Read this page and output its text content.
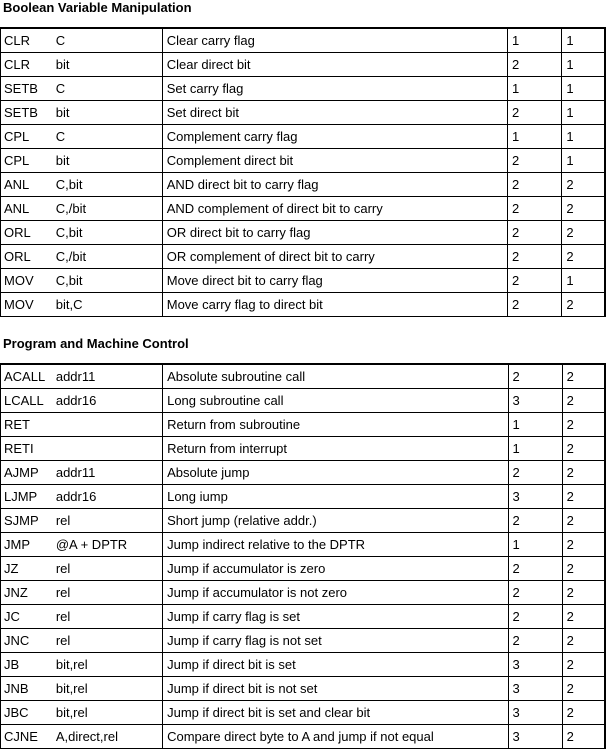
Boolean Variable Manipulation
CLR	C	Clear carry flag	1	1
CLR	bit	Clear direct bit	2	1
SETB	C	Set carry flag	1	1
SETB	bit	Set direct bit	2	1
CPL	C	Complement carry flag	1	1
CPL	bit	Complement direct bit	2	1
ANL	C,bit	AND direct bit to carry flag	2	2
ANL	C,/bit	AND complement of direct bit to carry	2	2
ORL	C,bit	OR direct bit to carry flag	2	2
ORL	C,/bit	OR complement of direct bit to carry	2	2
MOV	C,bit	Move direct bit to carry flag	2	1
MOV	bit,C	Move carry flag to direct bit	2	2
Program and Machine Control
ACALL	addr11	Absolute subroutine call	2	2
LCALL	addr16	Long subroutine call	3	2
RET		Return from subroutine	1	2
RETI		Return from interrupt	1	2
AJMP	addr11	Absolute jump	2	2
LJMP	addr16	Long iump	3	2
SJMP	rel	Short jump (relative addr.)	2	2
JMP	@A + DPTR	Jump indirect relative to the DPTR	1	2
JZ	rel	Jump if accumulator is zero	2	2
JNZ	rel	Jump if accumulator is not zero	2	2
JC	rel	Jump if carry flag is set	2	2
JNC	rel	Jump if carry flag is not set	2	2
JB	bit,rel	Jump if direct bit is set	3	2
JNB	bit,rel	Jump if direct bit is not set	3	2
JBC	bit,rel	Jump if direct bit is set and clear bit	3	2
CJNE	A,direct,rel	Compare direct byte to A and jump if not equal	3	2
